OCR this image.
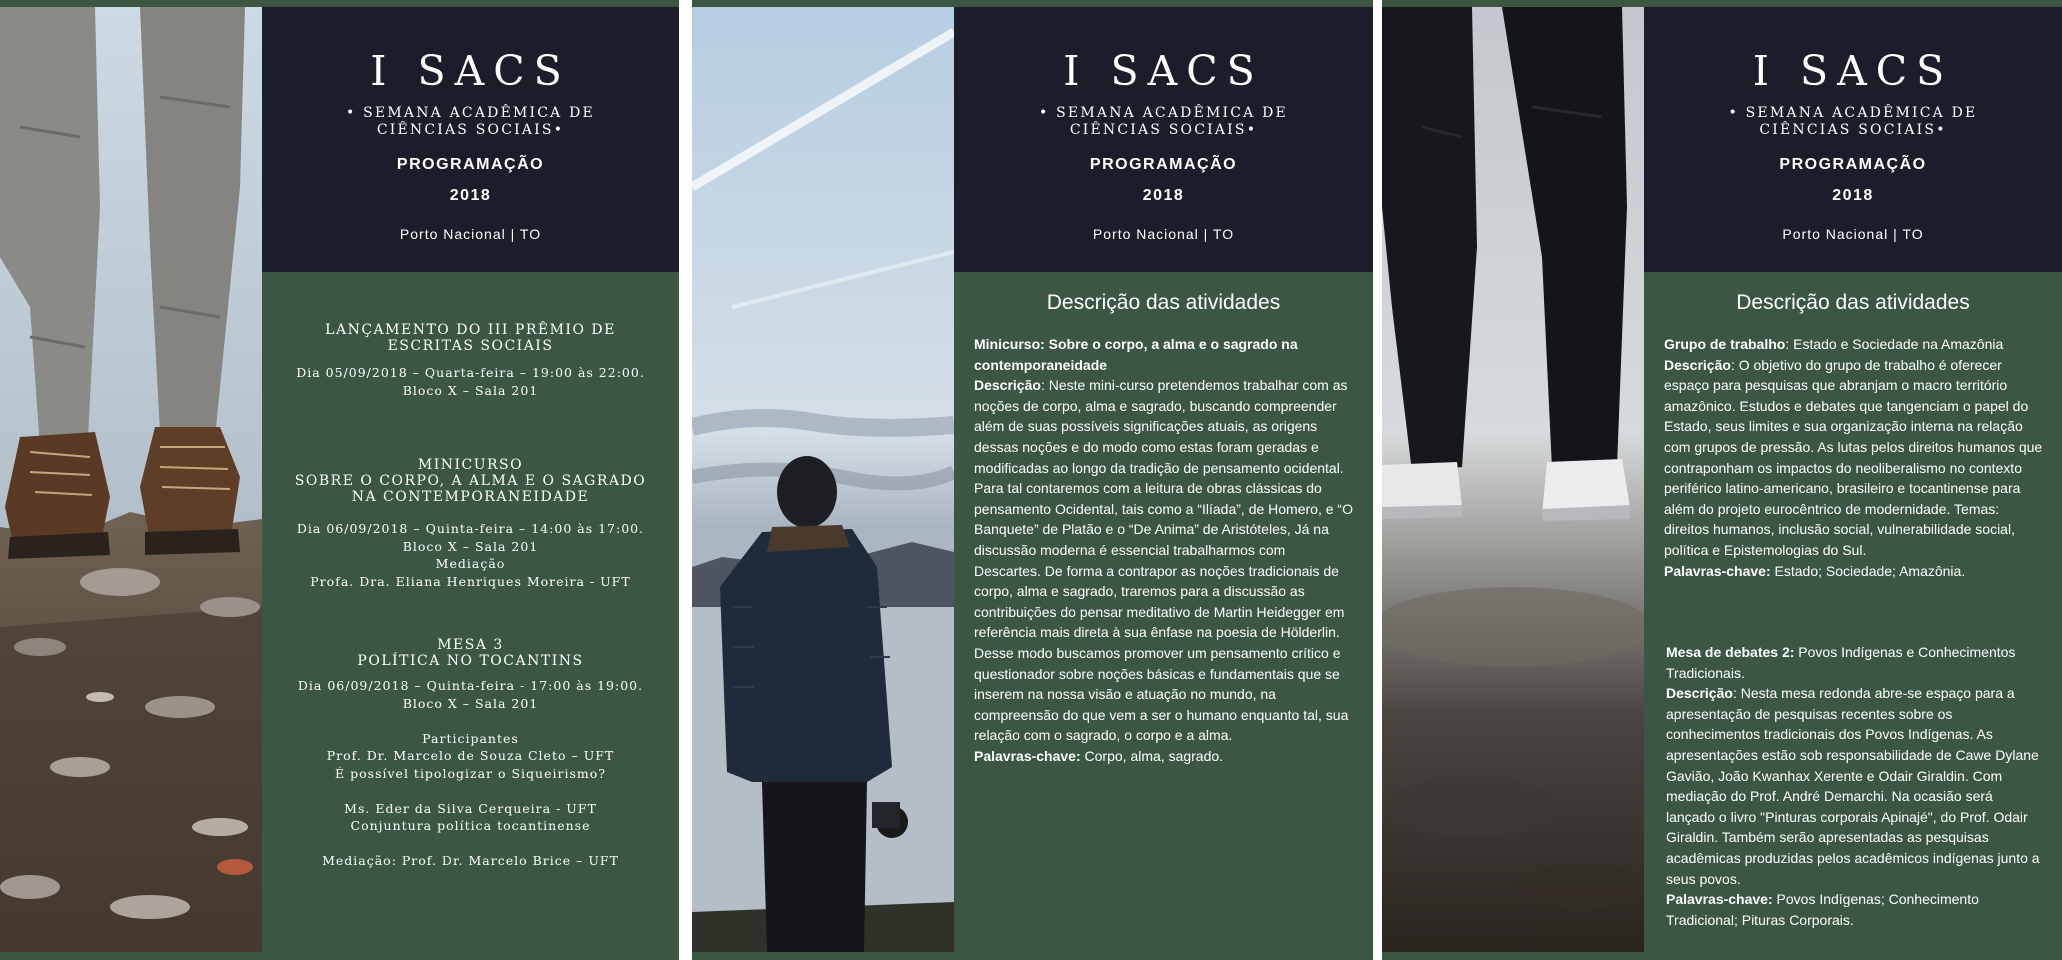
I SACS
• SEMANA ACADÊMICA DE CIÊNCIAS SOCIAIS•
PROGRAMAÇÃO
2018
Porto Nacional | TO
LANÇAMENTO DO III PRÊMIO DE ESCRITAS SOCIAIS
Dia 05/09/2018 – Quarta-feira – 19:00 às 22:00. Bloco X – Sala 201
MINICURSO
SOBRE O CORPO, A ALMA E O SAGRADO NA CONTEMPORANEIDADE
Dia 06/09/2018 – Quinta-feira – 14:00 às 17:00. Bloco X – Sala 201
Mediação
Profa. Dra. Eliana Henriques Moreira - UFT
MESA 3
POLÍTICA NO TOCANTINS
Dia 06/09/2018 – Quinta-feira - 17:00 às 19:00. Bloco X – Sala 201

Participantes
Prof. Dr. Marcelo de Souza Cleto – UFT
É possível tipologizar o Siqueirismo?

Ms. Eder da Silva Cerqueira - UFT
Conjuntura política tocantinense

Mediação: Prof. Dr. Marcelo Brice – UFT
I SACS
• SEMANA ACADÊMICA DE CIÊNCIAS SOCIAIS•
PROGRAMAÇÃO
2018
Porto Nacional | TO
Descrição das atividades
Minicurso: Sobre o corpo, a alma e o sagrado na contemporaneidade
Descrição: Neste mini-curso pretendemos trabalhar com as noções de corpo, alma e sagrado, buscando compreender além de suas possíveis significações atuais, as origens dessas noções e do modo como estas foram geradas e modificadas ao longo da tradição de pensamento ocidental. Para tal contaremos com a leitura de obras clássicas do pensamento Ocidental, tais como a “Ilíada”, de Homero, e “O Banquete” de Platão e o “De Anima” de Aristóteles, Já na discussão moderna é essencial trabalharmos com Descartes. De forma a contrapor as noções tradicionais de corpo, alma e sagrado, traremos para a discussão as contribuições do pensar meditativo de Martin Heidegger em referência mais direta à sua ênfase na poesia de Hölderlin. Desse modo buscamos promover um pensamento crítico e questionador sobre noções básicas e fundamentais que se inserem na nossa visão e atuação no mundo, na compreensão do que vem a ser o humano enquanto tal, sua relação com o sagrado, o corpo e a alma.
Palavras-chave: Corpo, alma, sagrado.
I SACS
• SEMANA ACADÊMICA DE CIÊNCIAS SOCIAIS•
PROGRAMAÇÃO
2018
Porto Nacional | TO
Descrição das atividades
Grupo de trabalho: Estado e Sociedade na Amazônia
Descrição: O objetivo do grupo de trabalho é oferecer espaço para pesquisas que abranjam o macro território amazônico. Estudos e debates que tangenciam o papel do Estado, seus limites e sua organização interna na relação com grupos de pressão. As lutas pelos direitos humanos que contraponham os impactos do neoliberalismo no contexto periférico latino-americano, brasileiro e tocantinense para além do projeto eurocêntrico de modernidade. Temas: direitos humanos, inclusão social, vulnerabilidade social, política e Epistemologias do Sul.
Palavras-chave: Estado; Sociedade; Amazônia.
Mesa de debates 2: Povos Indígenas e Conhecimentos Tradicionais.
Descrição: Nesta mesa redonda abre-se espaço para a apresentação de pesquisas recentes sobre os conhecimentos tradicionais dos Povos Indígenas. As apresentações estão sob responsabilidade de Cawe Dylane Gavião, João Kwanhax Xerente e Odair Giraldin. Com mediação do Prof. André Demarchi. Na ocasião será lançado o livro "Pinturas corporais Apinajé", do Prof. Odair Giraldin. Também serão apresentadas as pesquisas acadêmicas produzidas pelos acadêmicos indígenas junto a seus povos.
Palavras-chave: Povos Indígenas; Conhecimento Tradicional; Pituras Corporais.
